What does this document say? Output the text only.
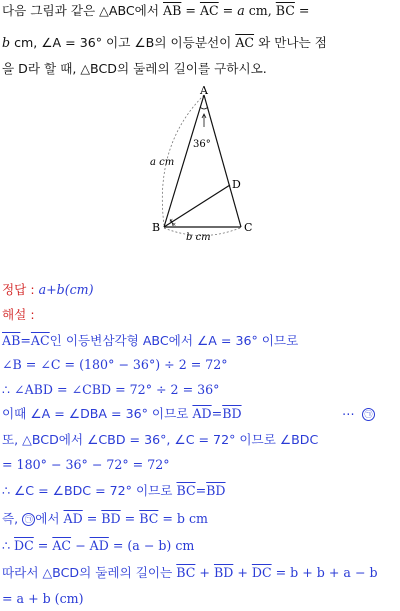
다음 그림과 같은 △ABC에서 $\overline{AB} = \overline{AC} = a$ cm, $\overline{BC}$ =
b cm, ∠A = 36° 이고 ∠B의 이등분선이 $\overline{AC}$ 와 만나는 점
을 D라 할 때, △BCD의 둘레의 길이를 구하시오.
×
×
A
B	C
D
36°
a cm
b cm
정답 : a+b(cm)
해설 :
$\overline{AB}=\overline{AC}$인 이등변삼각형 ABC에서 ∠A = 36° 이므로
∠B = ∠C = (180° − 36°) ÷ 2 = 72°
∴ ∠ABD = ∠CBD = 72° ÷ 2 = 36°
이때 ∠A = ∠DBA = 36° 이므로 $\overline{AD}=\overline{BD}$	⋯	㉠
또, △BCD에서 ∠CBD = 36°, ∠C = 72° 이므로 ∠BDC
= 180° − 36° − 72° = 72°
∴ ∠C = ∠BDC = 72° 이므로 $\overline{BC}=\overline{BD}$
즉, ㉠ 에서 $\overline{AD} = \overline{BD} = \overline{BC} = b$ cm
∴ $\overline{DC} = \overline{AC} - \overline{AD} = (a - b)$ cm
따라서 △BCD의 둘레의 길이는 $\overline{BC} + \overline{BD} + \overline{DC} = b + b + a - b$
= a + b (cm)
